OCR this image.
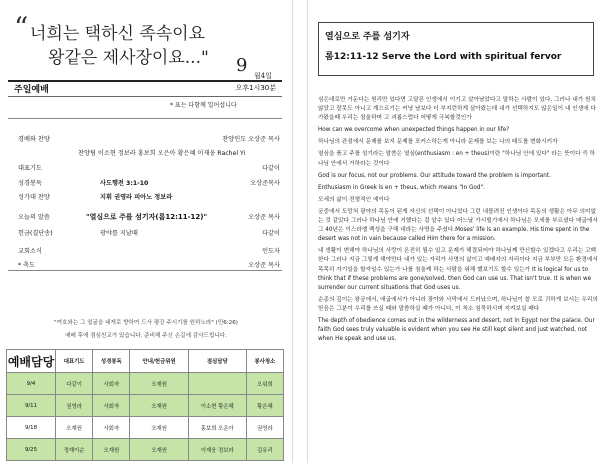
“ 너희는 택하신 족속이요
왕같은 제사장이요..."	9 월4일
주일예배	오후1시30분
* 표는 다함께 일어섭니다
경배와 찬양	찬양인도 오상준 목사
찬양팀 이소현 정보라 홍보희 오은아 황은혜 이재웅 Rachel Yi
대표기도	다같이
성경봉독	사도행전 3:1-10	오상준목사
성가대 찬양	지휘 권영라 피아노 정보라
오늘의 말씀	"열심으로 주를 섬기자(롬12:11-12)"	오상준 목사
헌금(결단송)	광야를 지날때	다같이
교회소식	인도자
* 축도	오상준 목사
"여호와는 그 얼굴을 네게로 향하여 드사 평강 주시기를 원하노라" (민6:26)
예배 후에 점심친교가 있습니다. 준비해 주신 손길에 감사드립니다.
예배담당	대표기도	성경봉독	안내/헌금위원	점심담당	봉사청소
9/4	다같이	사회자	오재원		오위희
9/11	권영라	사회자	오재원	이소현 황은혜	황은혜
9/18	오재원	사회자	오재원	홍보희 오은아	권영라
9/25	정재이순	오재원	오재원	이재웅 정보라	김유리
열심으로 주를 섬기자
롬12:11-12 Serve the Lord with spiritual fervor

심은대로만 거둔다는 원리만 있다면 고달픈 인생에서 이기고 살아남았다고 말하는 사람이 있다. 그러나 내가 원치 않았고 잘못도 아니고 계으르기는 커녕 남보다 더 부지런하게 살아왔는데 내가 선택하지도 않은일이 내 인생에 다가왔을때 우리는 침울하며 고 괴롭스럽다 어떻게 극복할것인가

How can we overcome when unexpected things happen in our life?

하나님의 관점에서 문제를 보지 문제를 포커스하는게 아니라 문제를 보는 나의 태도를 변화시키자

열심을 품고 주를 섬기라는 말씀은 열심(enthusiasm : en + theus)이란 "하나님 안에 있다" 라는 뜻이다 즉 하나님 안에서 거하라는 것이다

God is our focus, not our problems. Our attitude toward the problem is important.

Enthusiasm in Greek is en + theus, which means "In God".

모세의 삶이 전형적인 예이다

궁중에서 도망쳐 광야의 목동이 된게 자신의 선택이 아니었다 그런 내몰려진 인생이다 목동의 생활은 아무 의미없는 것 같았다 그러나 하나님 안에 거했다는 걸 알수 있다 어느날 가시떨기에서 하나님은 모세를 부르셨다 애굽에서 그 40년은 이스라엘 백성을 구해 내라는 사명을 주셨다.Moses' life is an example. His time spent in the desert was not in vain because called Him there for a mission.

내 생활이 변해야 하나님의 사랑이 온전히 될수 있고 문제가 해결되어야 하나님께 만신할수 있겠다고 우리는 고백한다 그러나 지금 그렇게 해야만다 내가 있는 자리가 사명의 삶이고 예배자의 자리이다 지금 부부만 모든 환경에서 목목히 자기일을 할자일수 있는가 나를 침울케 하는 사람을 위해 했보기도 할수 있는가 It is logical for us to think that if these problems are gone/solved, then God can use us. That isn't true. It is when we surrender our current situations that God uses us.

순종의 깊이는 왕궁에서, 애굽에서가 아니라 광야와 사막에서 드러났으며, 하나님이 쓸 모로 귀하게 보시는 우리의 믿음은 그분이 우리를 쓰실 때와 말씀하실 때가 아니다, 이 칙소 침묵하시며 지켜보실 때다

The depth of obedience comes out in the wilderness and desert, not in Egypt nor the palace. Our faith God sees truly valuable is evident when you see He still kept silent and just watched, not when He speak and use us.
